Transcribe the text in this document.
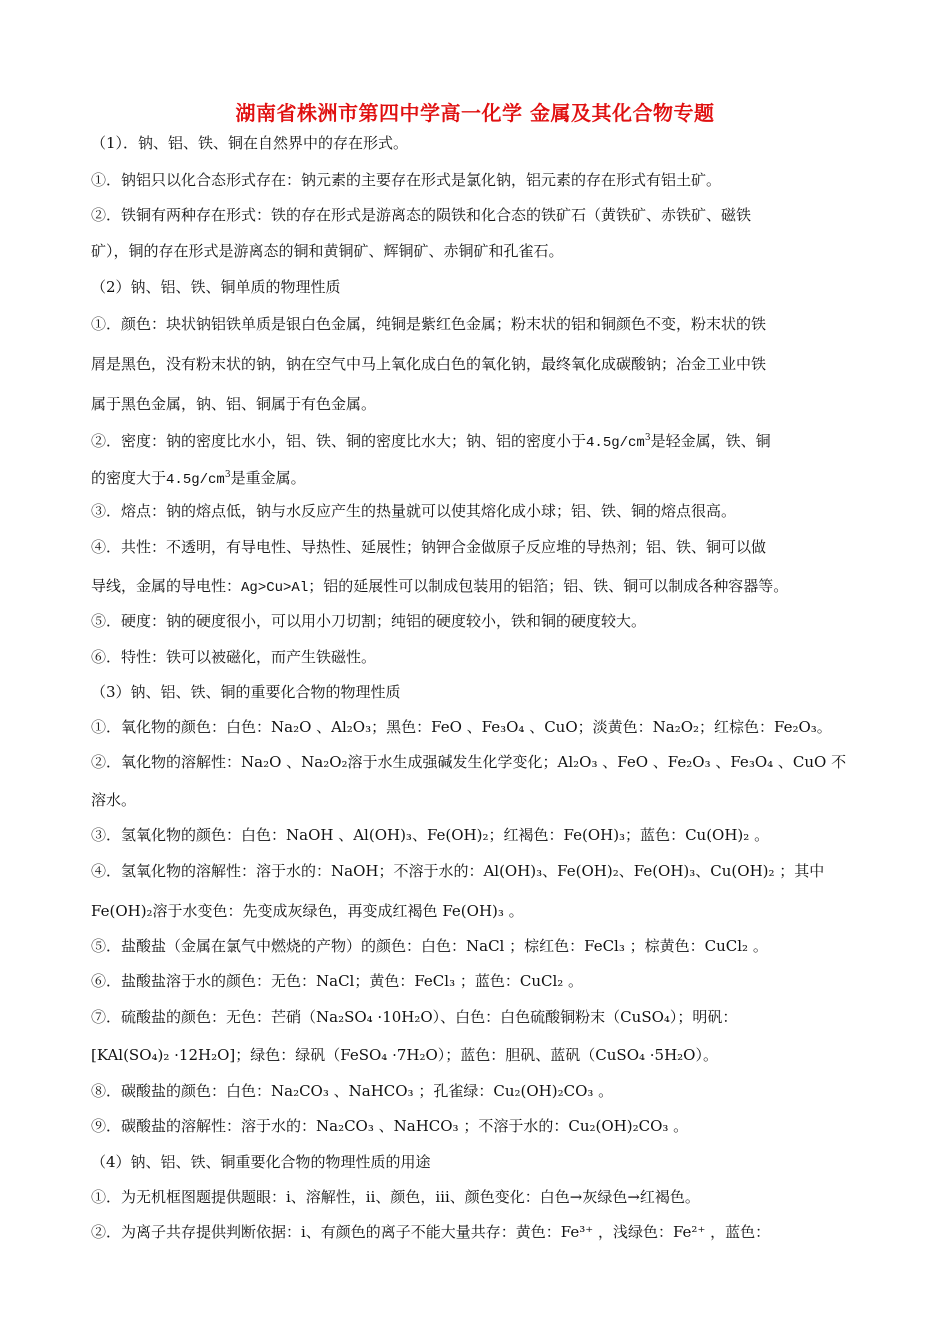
湖南省株洲市第四中学高一化学 金属及其化合物专题
（1）．钠、铝、铁、铜在自然界中的存在形式。
①．钠铝只以化合态形式存在：钠元素的主要存在形式是氯化钠，铝元素的存在形式有铝土矿。
②．铁铜有两种存在形式：铁的存在形式是游离态的陨铁和化合态的铁矿石（黄铁矿、赤铁矿、磁铁
矿），铜的存在形式是游离态的铜和黄铜矿、辉铜矿、赤铜矿和孔雀石。
（2）钠、铝、铁、铜单质的物理性质
①．颜色：块状钠铝铁单质是银白色金属，纯铜是紫红色金属；粉末状的铝和铜颜色不变，粉末状的铁
屑是黑色，没有粉末状的钠，钠在空气中马上氧化成白色的氧化钠，最终氧化成碳酸钠；冶金工业中铁
属于黑色金属，钠、铝、铜属于有色金属。
②．密度：钠的密度比水小，铝、铁、铜的密度比水大；钠、铝的密度小于$4.5g/cm^3$是轻金属，铁、铜
的密度大于$4.5g/cm^3$是重金属。
③．熔点：钠的熔点低，钠与水反应产生的热量就可以使其熔化成小球；铝、铁、铜的熔点很高。
④．共性：不透明，有导电性、导热性、延展性；钠钾合金做原子反应堆的导热剂；铝、铁、铜可以做
导线，金属的导电性：Ag>Cu>Al；铝的延展性可以制成包装用的铝箔；铝、铁、铜可以制成各种容器等。
⑤．硬度：钠的硬度很小，可以用小刀切割；纯铝的硬度较小，铁和铜的硬度较大。
⑥．特性：铁可以被磁化，而产生铁磁性。
（3）钠、铝、铁、铜的重要化合物的物理性质
①．氧化物的颜色：白色：Na₂O 、Al₂O₃；黑色：FeO 、Fe₃O₄ 、CuO；淡黄色：Na₂O₂；红棕色：Fe₂O₃。
②．氧化物的溶解性：Na₂O 、Na₂O₂溶于水生成强碱发生化学变化；Al₂O₃ 、FeO 、Fe₂O₃ 、Fe₃O₄ 、CuO 不
溶水。
③．氢氧化物的颜色：白色：NaOH 、Al(OH)₃、Fe(OH)₂；红褐色：Fe(OH)₃；蓝色：Cu(OH)₂ 。
④．氢氧化物的溶解性：溶于水的：NaOH；不溶于水的：Al(OH)₃、Fe(OH)₂、Fe(OH)₃、Cu(OH)₂ ；其中
Fe(OH)₂溶于水变色：先变成灰绿色，再变成红褐色 Fe(OH)₃ 。
⑤．盐酸盐（金属在氯气中燃烧的产物）的颜色：白色：NaCl ；棕红色：FeCl₃ ；棕黄色：CuCl₂ 。
⑥．盐酸盐溶于水的颜色：无色：NaCl；黄色：FeCl₃ ；蓝色：CuCl₂ 。
⑦．硫酸盐的颜色：无色：芒硝（Na₂SO₄ ·10H₂O）、白色：白色硫酸铜粉末（CuSO₄）；明矾：
[KAl(SO₄)₂ ·12H₂O]；绿色：绿矾（FeSO₄ ·7H₂O）；蓝色：胆矾、蓝矾（CuSO₄ ·5H₂O）。
⑧．碳酸盐的颜色：白色：Na₂CO₃ 、NaHCO₃ ；孔雀绿：Cu₂(OH)₂CO₃ 。
⑨．碳酸盐的溶解性：溶于水的：Na₂CO₃ 、NaHCO₃ ；不溶于水的：Cu₂(OH)₂CO₃ 。
（4）钠、铝、铁、铜重要化合物的物理性质的用途
①．为无机框图题提供题眼：ⅰ、溶解性，ⅱ、颜色，ⅲ、颜色变化：白色→灰绿色→红褐色。
②．为离子共存提供判断依据：ⅰ、有颜色的离子不能大量共存：黄色：Fe³⁺ ，浅绿色：Fe²⁺ ，蓝色：
